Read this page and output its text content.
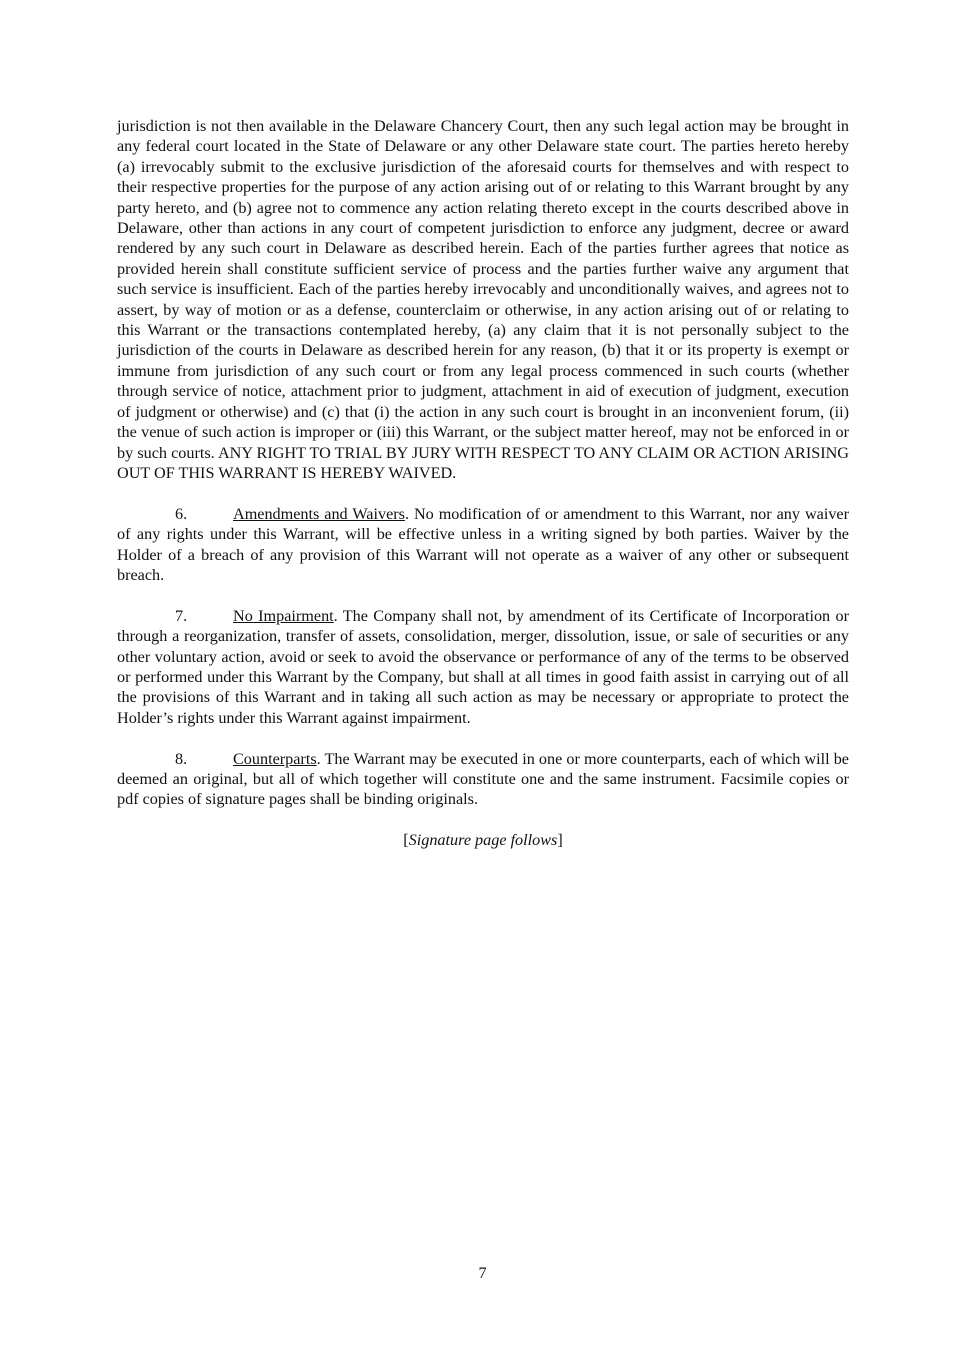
jurisdiction is not then available in the Delaware Chancery Court, then any such legal action may be brought in any federal court located in the State of Delaware or any other Delaware state court. The parties hereto hereby (a) irrevocably submit to the exclusive jurisdiction of the aforesaid courts for themselves and with respect to their respective properties for the purpose of any action arising out of or relating to this Warrant brought by any party hereto, and (b) agree not to commence any action relating thereto except in the courts described above in Delaware, other than actions in any court of competent jurisdiction to enforce any judgment, decree or award rendered by any such court in Delaware as described herein. Each of the parties further agrees that notice as provided herein shall constitute sufficient service of process and the parties further waive any argument that such service is insufficient. Each of the parties hereby irrevocably and unconditionally waives, and agrees not to assert, by way of motion or as a defense, counterclaim or otherwise, in any action arising out of or relating to this Warrant or the transactions contemplated hereby, (a) any claim that it is not personally subject to the jurisdiction of the courts in Delaware as described herein for any reason, (b) that it or its property is exempt or immune from jurisdiction of any such court or from any legal process commenced in such courts (whether through service of notice, attachment prior to judgment, attachment in aid of execution of judgment, execution of judgment or otherwise) and (c) that (i) the action in any such court is brought in an inconvenient forum, (ii) the venue of such action is improper or (iii) this Warrant, or the subject matter hereof, may not be enforced in or by such courts. ANY RIGHT TO TRIAL BY JURY WITH RESPECT TO ANY CLAIM OR ACTION ARISING OUT OF THIS WARRANT IS HEREBY WAIVED.

6.	Amendments and Waivers. No modification of or amendment to this Warrant, nor any waiver of any rights under this Warrant, will be effective unless in a writing signed by both parties. Waiver by the Holder of a breach of any provision of this Warrant will not operate as a waiver of any other or subsequent breach.

7.	No Impairment. The Company shall not, by amendment of its Certificate of Incorporation or through a reorganization, transfer of assets, consolidation, merger, dissolution, issue, or sale of securities or any other voluntary action, avoid or seek to avoid the observance or performance of any of the terms to be observed or performed under this Warrant by the Company, but shall at all times in good faith assist in carrying out of all the provisions of this Warrant and in taking all such action as may be necessary or appropriate to protect the Holder’s rights under this Warrant against impairment.

8.	Counterparts. The Warrant may be executed in one or more counterparts, each of which will be deemed an original, but all of which together will constitute one and the same instrument. Facsimile copies or pdf copies of signature pages shall be binding originals.

[Signature page follows]

7
